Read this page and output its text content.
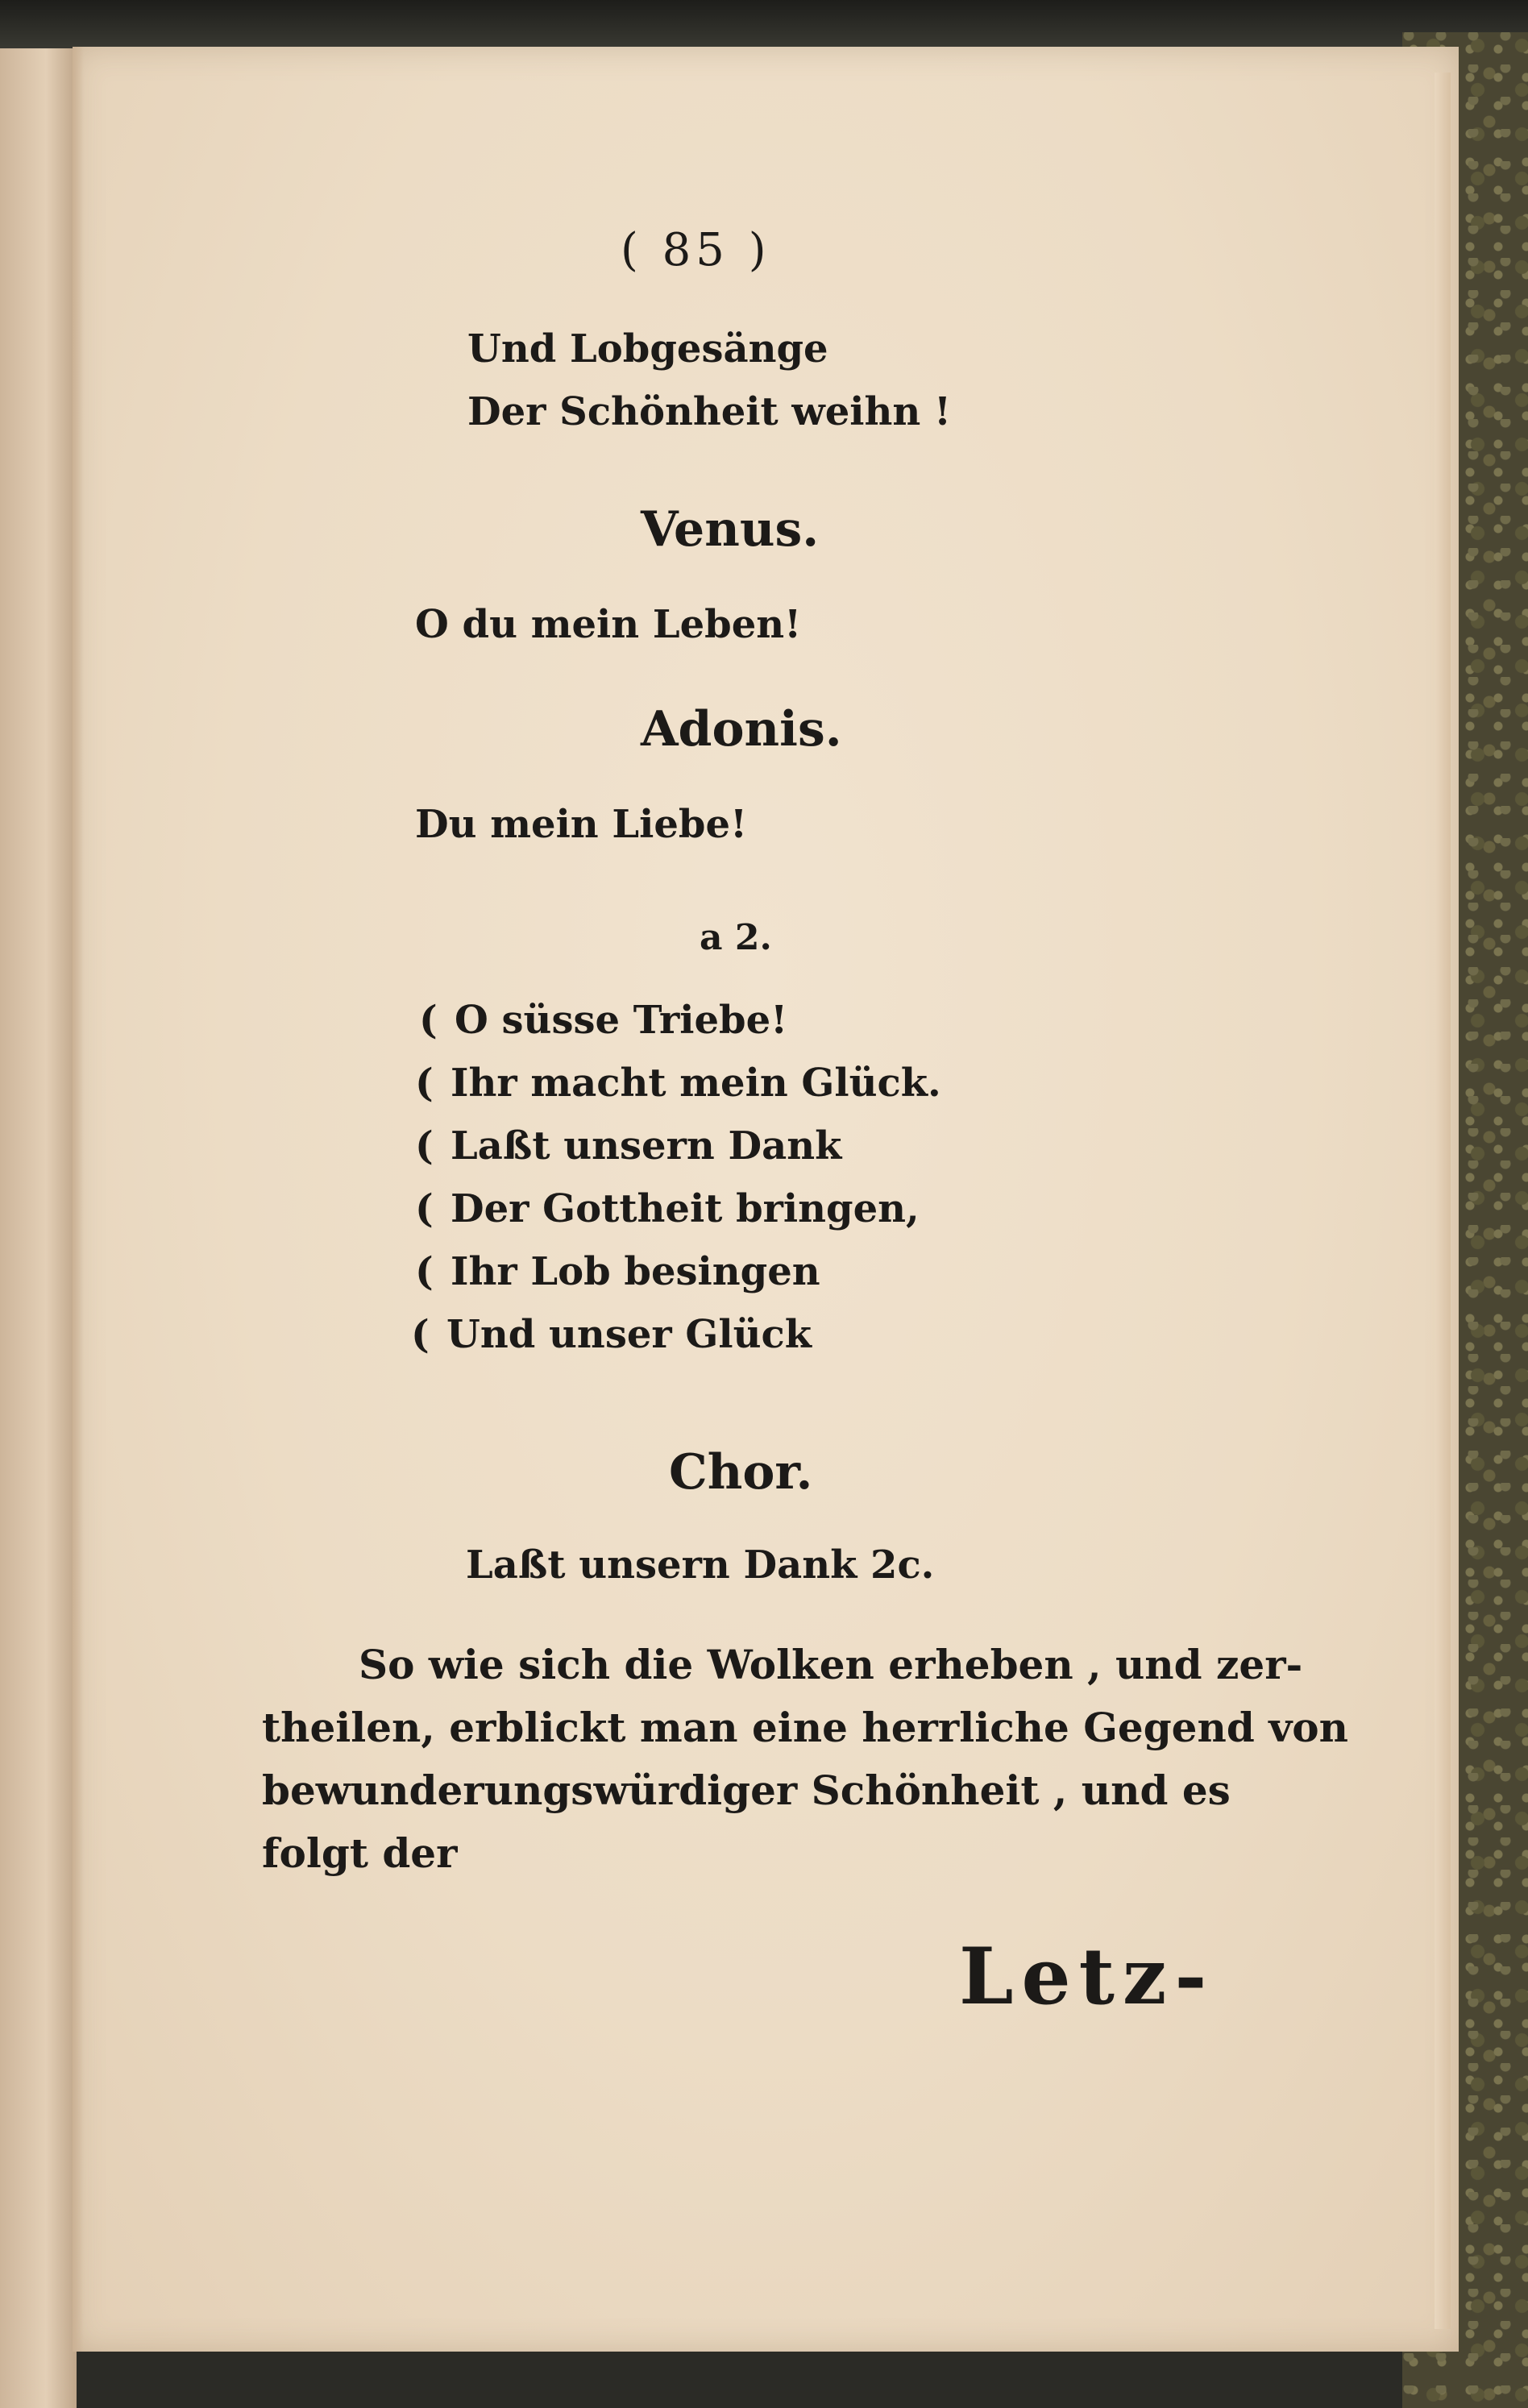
( 85 )
Und Lobgesänge
Der Schönheit weihn !
Venus.
O du mein Leben!
Adonis.
Du mein Liebe!
a 2.
( O süsse Triebe!
( Ihr macht mein Glück.
( Laßt unsern Dank
( Der Gottheit bringen,
( Ihr Lob besingen
( Und unser Glück
Chor.
Laßt unsern Dank 2c.
So wie sich die Wolken erheben , und zer-
theilen, erblickt man eine herrliche Gegend von
bewunderungswürdiger Schönheit , und es
folgt der
Letz-
